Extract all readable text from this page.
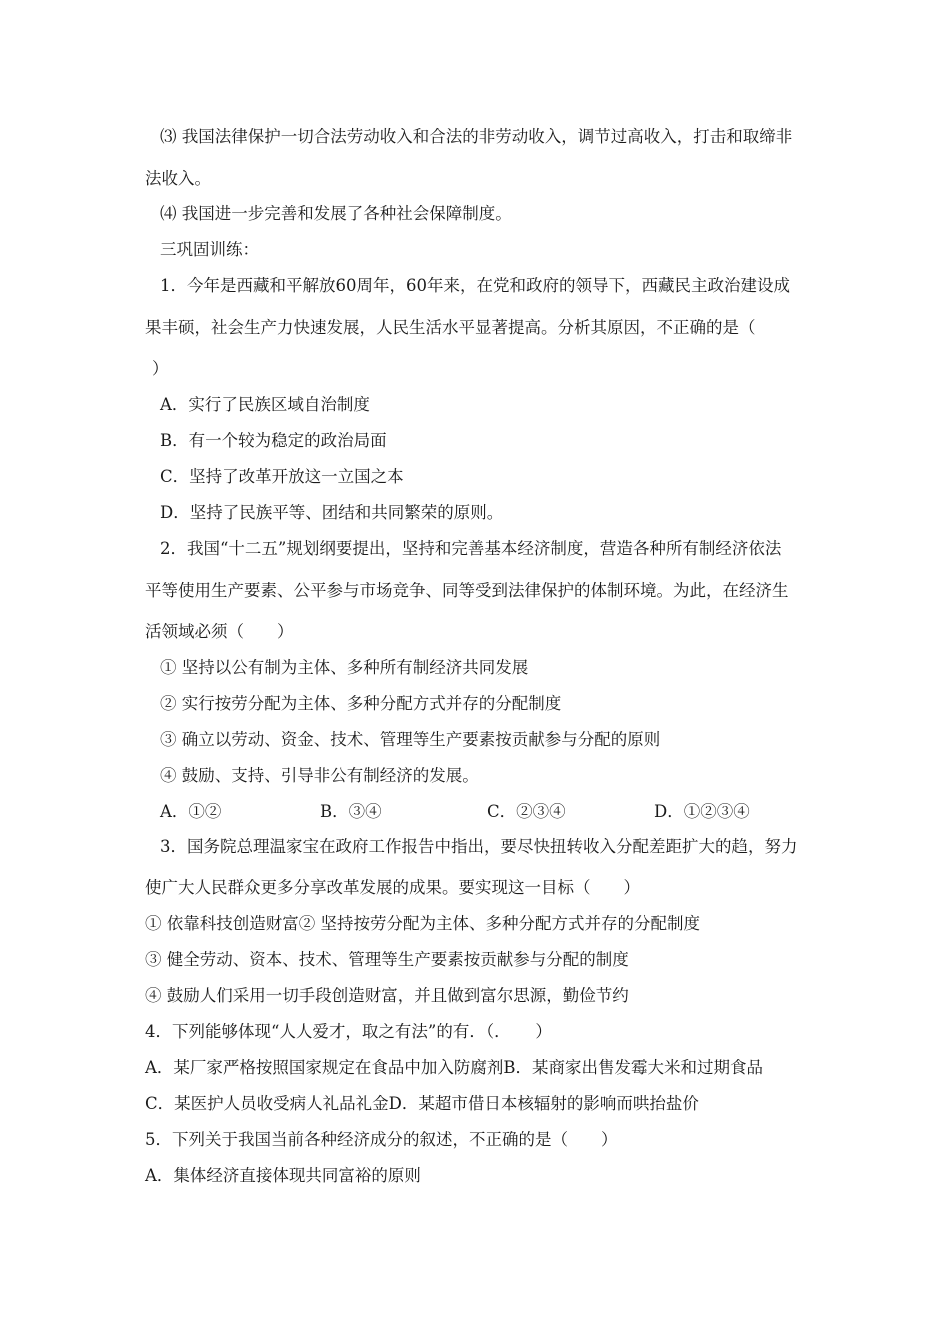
⑶ 我国法律保护一切合法劳动收入和合法的非劳动收入，调节过高收入，打击和取缔非
法收入。
⑷ 我国进一步完善和发展了各种社会保障制度。
三巩固训练：
1．今年是西藏和平解放60周年，60年来，在党和政府的领导下，西藏民主政治建设成
果丰硕，社会生产力快速发展，人民生活水平显著提高。分析其原因，不正确的是（
）
A．实行了民族区域自治制度
B．有一个较为稳定的政治局面
C．坚持了改革开放这一立国之本
D．坚持了民族平等、团结和共同繁荣的原则。
2．我国“十二五”规划纲要提出，坚持和完善基本经济制度，营造各种所有制经济依法
平等使用生产要素、公平参与市场竞争、同等受到法律保护的体制环境。为此，在经济生
活领域必须（　　）
① 坚持以公有制为主体、多种所有制经济共同发展
② 实行按劳分配为主体、多种分配方式并存的分配制度
③ 确立以劳动、资金、技术、管理等生产要素按贡献参与分配的原则
④ 鼓励、支持、引导非公有制经济的发展。
A．①②	B．③④	C．②③④	D．①②③④
3．国务院总理温家宝在政府工作报告中指出，要尽快扭转收入分配差距扩大的趋，努力
使广大人民群众更多分享改革发展的成果。要实现这一目标（　　）
① 依靠科技创造财富② 坚持按劳分配为主体、多种分配方式并存的分配制度
③ 健全劳动、资本、技术、管理等生产要素按贡献参与分配的制度
④ 鼓励人们采用一切手段创造财富，并且做到富尔思源，勤俭节约
4．下列能够体现“人人爱才，取之有法”的有．（．　　）
A．某厂家严格按照国家规定在食品中加入防腐剂B．某商家出售发霉大米和过期食品
C．某医护人员收受病人礼品礼金D．某超市借日本核辐射的影响而哄抬盐价
5．下列关于我国当前各种经济成分的叙述，不正确的是（　　）
A．集体经济直接体现共同富裕的原则
